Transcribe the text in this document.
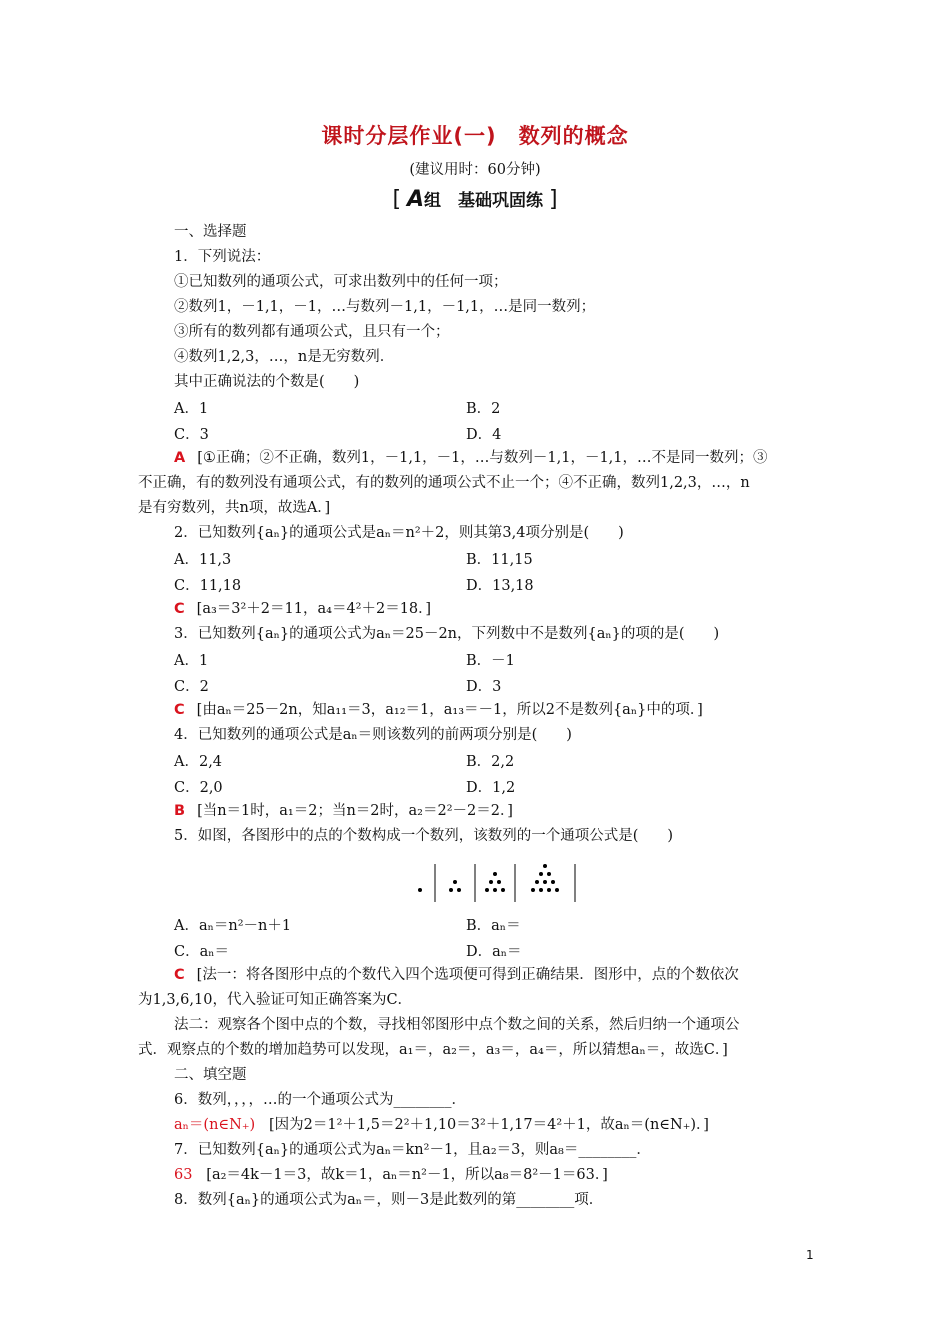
课时分层作业(一)　数列的概念
(建议用时：60分钟)
[ A组　基础巩固练 ]
一、选择题
1．下列说法：
①已知数列的通项公式，可求出数列中的任何一项；
②数列1，－1,1，－1，…与数列－1,1，－1,1，…是同一数列；
③所有的数列都有通项公式，且只有一个；
④数列1,2,3，…，n是无穷数列．
其中正确说法的个数是(　　)
A．1	B．2
C．3	D．4
A [①正确；②不正确，数列1，－1,1，－1，…与数列－1,1，－1,1，…不是同一数列；③
不正确，有的数列没有通项公式，有的数列的通项公式不止一个；④不正确，数列1,2,3，…，n
是有穷数列，共n项，故选A．]
2．已知数列{aₙ}的通项公式是aₙ＝n²＋2，则其第3,4项分别是(　　)
A．11,3	B．11,15
C．11,18	D．13,18
C [a₃＝3²＋2＝11，a₄＝4²＋2＝18．]
3．已知数列{aₙ}的通项公式为aₙ＝25－2n，下列数中不是数列{aₙ}的项的是(　　)
A．1	B．－1
C．2	D．3
C [由aₙ＝25－2n，知a₁₁＝3，a₁₂＝1，a₁₃＝－1，所以2不是数列{aₙ}中的项．]
4．已知数列的通项公式是aₙ＝则该数列的前两项分别是(　　)
A．2,4	B．2,2
C．2,0	D．1,2
B [当n＝1时，a₁＝2；当n＝2时，a₂＝2²－2＝2．]
5．如图，各图形中的点的个数构成一个数列，该数列的一个通项公式是(　　)
A．aₙ＝n²－n＋1	B．aₙ＝
C．aₙ＝	D．aₙ＝
C [法一：将各图形中点的个数代入四个选项便可得到正确结果．图形中，点的个数依次
为1,3,6,10，代入验证可知正确答案为C．
法二：观察各个图中点的个数，寻找相邻图形中点个数之间的关系，然后归纳一个通项公
式．观察点的个数的增加趋势可以发现，a₁＝，a₂＝，a₃＝，a₄＝，所以猜想aₙ＝，故选C．]
二、填空题
6．数列，，，，…的一个通项公式为________．
aₙ＝(n∈N₊) [因为2＝1²＋1,5＝2²＋1,10＝3²＋1,17＝4²＋1，故aₙ＝(n∈N₊)．]
7．已知数列{aₙ}的通项公式为aₙ＝kn²－1，且a₂＝3，则a₈＝________．
63 [a₂＝4k－1＝3，故k＝1，aₙ＝n²－1，所以a₈＝8²－1＝63．]
8．数列{aₙ}的通项公式为aₙ＝，则－3是此数列的第________项．
1
